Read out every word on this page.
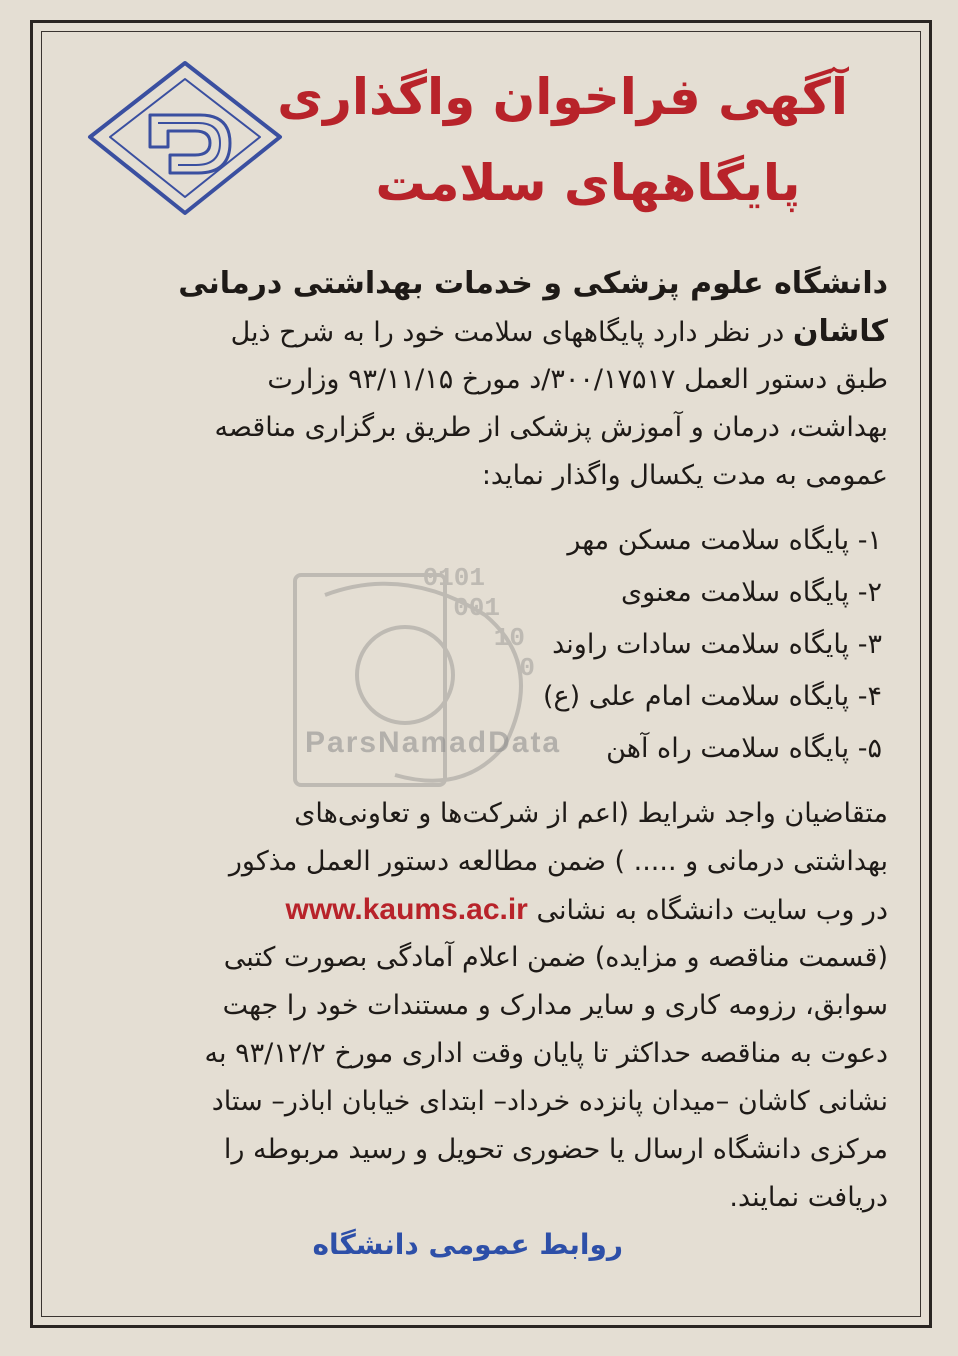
آگهی فراخوان واگذاری
پایگاههای سلامت
دانشگاه علوم پزشکی و خدمات بهداشتی درمانی
کاشان در نظر دارد پایگاههای سلامت خود را به شرح ذیل
طبق دستور العمل ۳۰۰/۱۷۵۱۷/د مورخ ۹۳/۱۱/۱۵ وزارت
بهداشت، درمان و آموزش پزشکی از طریق برگزاری مناقصه
عمومی به مدت یکسال واگذار نماید:
0101
001
10
0
ParsNamadData
۱- پایگاه سلامت مسکن مهر
۲- پایگاه سلامت معنوی
۳- پایگاه سلامت سادات راوند
۴- پایگاه سلامت امام علی (ع)
۵- پایگاه سلامت راه آهن
متقاضیان واجد شرایط (اعم از شرکت‌ها و تعاونی‌های
بهداشتی درمانی و ..... ) ضمن مطالعه دستور العمل مذکور
در وب سایت دانشگاه به نشانی www.kaums.ac.ir
(قسمت مناقصه و مزایده) ضمن اعلام آمادگی بصورت کتبی
سوابق، رزومه کاری و سایر مدارک و مستندات خود را جهت
دعوت به مناقصه حداکثر تا پایان وقت اداری مورخ ۹۳/۱۲/۲ به
نشانی کاشان –میدان پانزده خرداد– ابتدای خیابان اباذر– ستاد
مرکزی دانشگاه ارسال یا حضوری تحویل و رسید مربوطه را
دریافت نمایند.
روابط عمومی دانشگاه
